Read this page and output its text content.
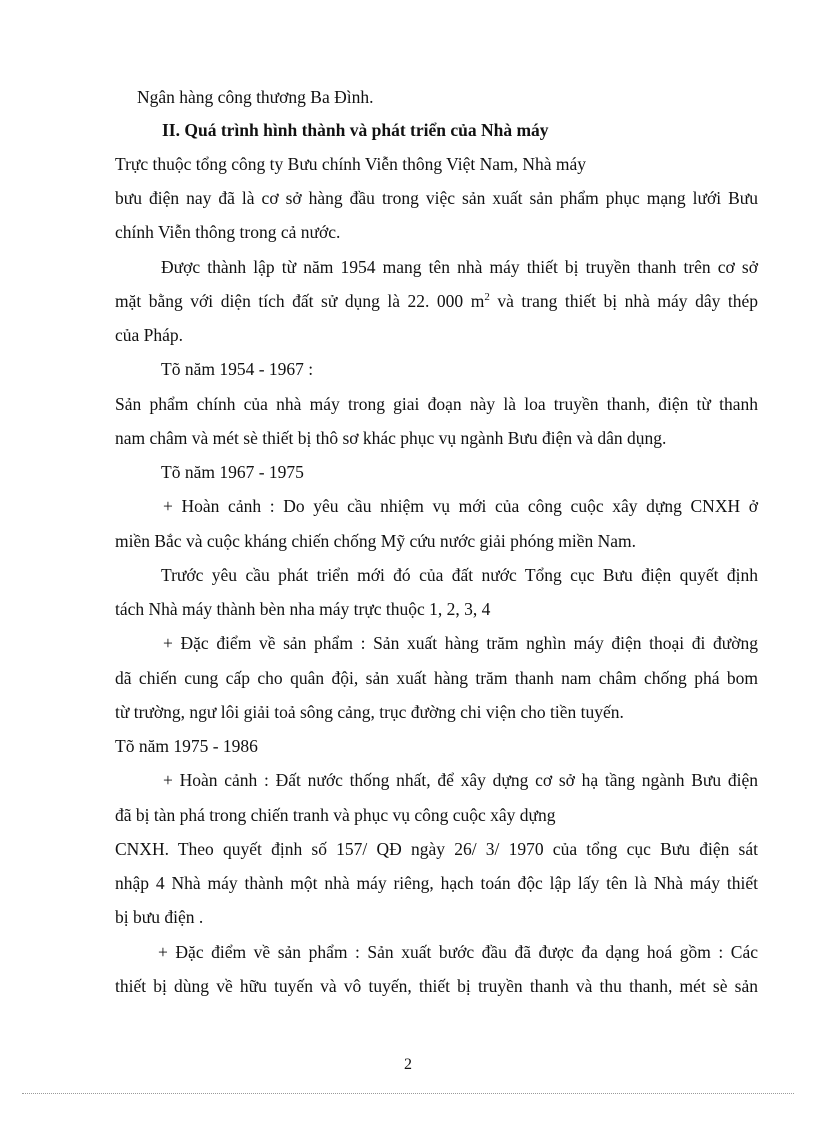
Ngân hàng công thương Ba Đình.
II. Quá trình hình thành và phát triển của Nhà máy
Trực thuộc tổng công ty Bưu chính Viễn thông Việt Nam, Nhà máy
bưu điện nay đã là cơ sở hàng đầu trong việc sản xuất sản phẩm phục mạng lưới Bưu
chính Viễn thông trong cả nước.
Được thành lập từ năm 1954 mang tên nhà máy thiết bị truyền thanh trên cơ sở
mặt bằng với diện tích đất sử dụng là 22. 000 $m^2$ và trang thiết bị nhà máy dây thép
của Pháp.
Tõ năm 1954 - 1967 :
Sản phẩm chính của nhà máy trong giai đoạn này là loa truyền thanh, điện từ thanh
nam châm và mét sè thiết bị thô sơ khác phục vụ ngành Bưu điện và dân dụng.
Tõ năm 1967 - 1975
+ Hoàn cảnh : Do yêu cầu nhiệm vụ mới của công cuộc xây dựng CNXH ở
miền Bắc và cuộc kháng chiến chống Mỹ cứu nước giải phóng miền Nam.
Trước yêu cầu phát triển mới đó của đất nước Tổng cục Bưu điện quyết định
tách Nhà máy thành bèn nha máy trực thuộc 1, 2, 3, 4
+ Đặc điểm về sản phẩm : Sản xuất hàng trăm nghìn máy điện thoại đi đường
dã chiến cung cấp cho quân đội, sản xuất hàng trăm thanh nam châm chống phá bom
từ trường, ngư lôi giải toả sông cảng, trục đường chi viện cho tiền tuyến.
Tõ năm 1975 - 1986
+ Hoàn cảnh : Đất nước thống nhất, để xây dựng cơ sở hạ tầng ngành Bưu điện
đã bị tàn phá trong chiến tranh và phục vụ công cuộc xây dựng
CNXH. Theo quyết định số 157/ QĐ ngày 26/ 3/ 1970 của tổng cục Bưu điện sát
nhập 4 Nhà máy thành một nhà máy riêng, hạch toán độc lập lấy tên là Nhà máy thiết
bị bưu điện .
+ Đặc điểm về sản phẩm : Sản xuất bước đầu đã được đa dạng hoá gồm : Các
thiết bị dùng về hữu tuyến và vô tuyến, thiết bị truyền thanh và thu thanh, mét sè sản
2
